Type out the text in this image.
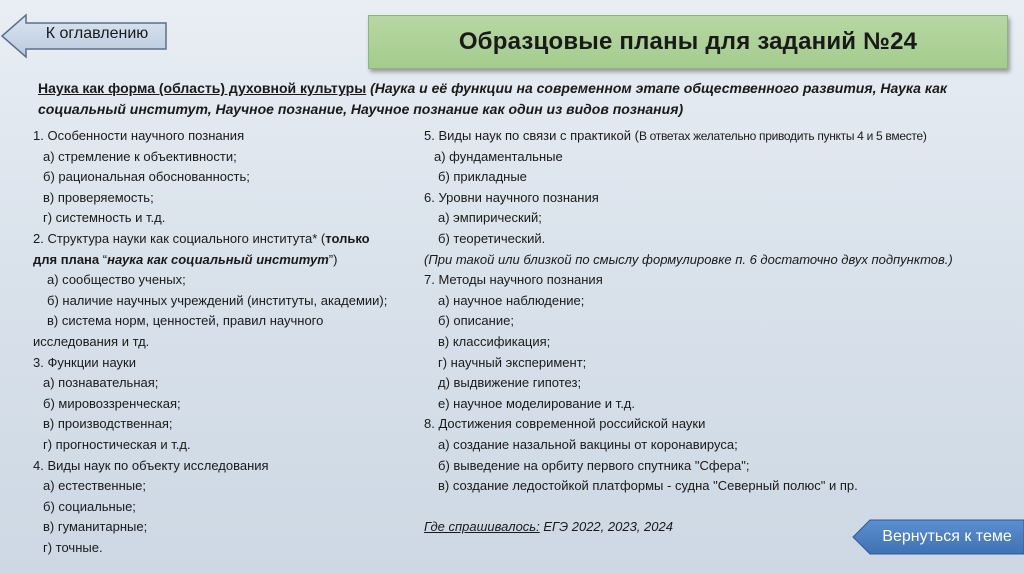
К оглавлению	Образцовые планы для заданий №24
Наука как форма (область) духовной культуры (Наука и её функции на современном этапе общественного развития, Наука как социальный институт, Научное познание, Научное познание как один из видов познания)
1. Особенности научного познания
а) стремление к объективности;
б) рациональная обоснованность;
в) проверяемость;
г) системность и т.д.
2. Структура науки как социального института* (только
для плана “наука как социальный институт”)
а) сообщество ученых;
б) наличие научных учреждений (институты, академии);
в) система норм, ценностей, правил научного
исследования и тд.
3. Функции науки
а) познавательная;
б) мировоззренческая;
в) производственная;
г) прогностическая и т.д.
4. Виды наук по объекту исследования
а) естественные;
б) социальные;
в) гуманитарные;
г) точные.
5. Виды наук по связи с практикой (В ответах желательно приводить пункты 4 и 5 вместе)
а) фундаментальные
б) прикладные
6. Уровни научного познания
а) эмпирический;
б) теоретический.
(При такой или близкой по смыслу формулировке п. 6 достаточно двух подпунктов.)
7. Методы научного познания
а) научное наблюдение;
б) описание;
в) классификация;
г) научный эксперимент;
д) выдвижение гипотез;
е) научное моделирование и т.д.
8. Достижения современной российской науки
а) создание назальной вакцины от коронавируса;
б) выведение на орбиту первого спутника "Сфера";
в) создание ледостойкой платформы - судна "Северный полюс" и пр.
Где спрашивалось: ЕГЭ 2022, 2023, 2024
Вернуться к теме
